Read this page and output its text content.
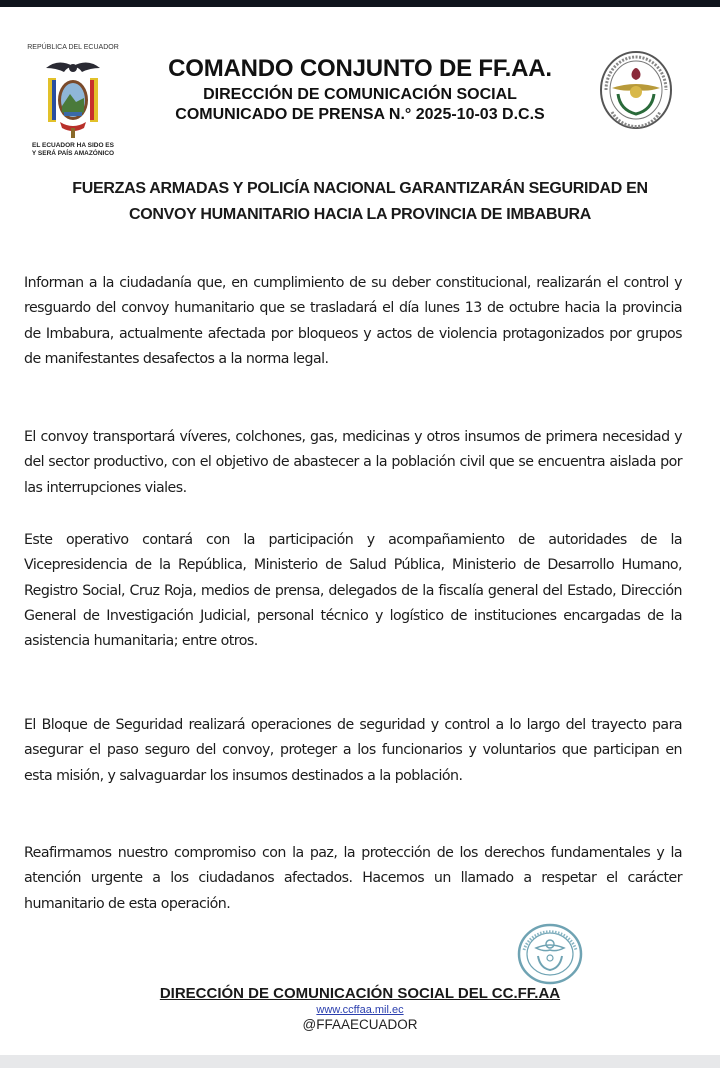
REPÚBLICA DEL ECUADOR
EL ECUADOR HA SIDO ES
Y SERÁ PAÍS AMAZÓNICO
COMANDO CONJUNTO DE FF.AA.
DIRECCIÓN DE COMUNICACIÓN SOCIAL
COMUNICADO DE PRENSA N.° 2025-10-03 D.C.S
FUERZAS ARMADAS Y POLICÍA NACIONAL GARANTIZARÁN SEGURIDAD EN
CONVOY HUMANITARIO HACIA LA PROVINCIA DE IMBABURA

Informan a la ciudadanía que, en cumplimiento de su deber constitucional, realizarán el control y resguardo del convoy humanitario que se trasladará el día lunes 13 de octubre hacia la provincia de Imbabura, actualmente afectada por bloqueos y actos de violencia protagonizados por grupos de manifestantes desafectos a la norma legal.

El convoy transportará víveres, colchones, gas, medicinas y otros insumos de primera necesidad y del sector productivo, con el objetivo de abastecer a la población civil que se encuentra aislada por las interrupciones viales.

Este operativo contará con la participación y acompañamiento de autoridades de la Vicepresidencia de la República, Ministerio de Salud Pública, Ministerio de Desarrollo Humano, Registro Social, Cruz Roja, medios de prensa, delegados de la fiscalía general del Estado, Dirección General de Investigación Judicial, personal técnico y logístico de instituciones encargadas de la asistencia humanitaria; entre otros.

El Bloque de Seguridad realizará operaciones de seguridad y control a lo largo del trayecto para asegurar el paso seguro del convoy, proteger a los funcionarios y voluntarios que participan en esta misión, y salvaguardar los insumos destinados a la población.

Reafirmamos nuestro compromiso con la paz, la protección de los derechos fundamentales y la atención urgente a los ciudadanos afectados. Hacemos un llamado a respetar el carácter humanitario de esta operación.

DIRECCIÓN DE COMUNICACIÓN SOCIAL DEL CC.FF.AA
www.ccffaa.mil.ec
@FFAAECUADOR
